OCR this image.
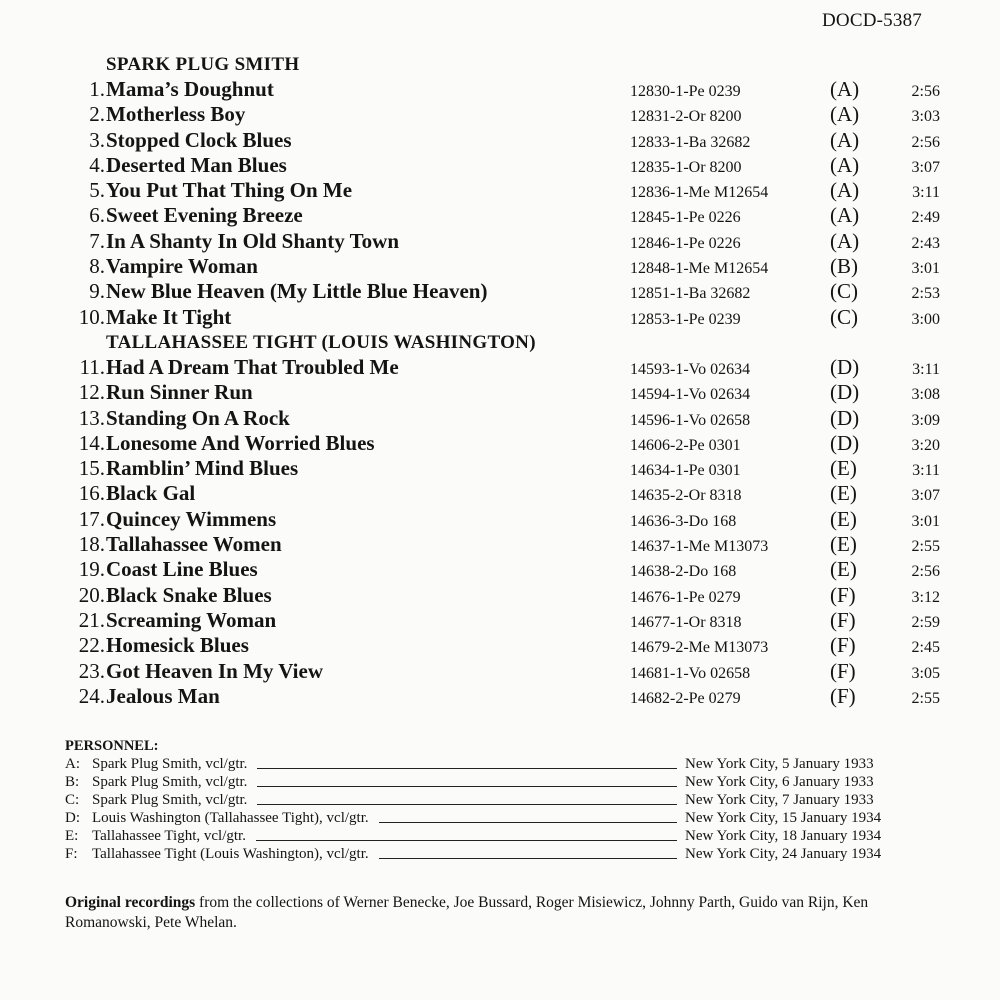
DOCD-5387
SPARK PLUG SMITH
1. Mama’s Doughnut	12830-1-Pe 0239	(A)	2:56
2. Motherless Boy	12831-2-Or 8200	(A)	3:03
3. Stopped Clock Blues	12833-1-Ba 32682	(A)	2:56
4. Deserted Man Blues	12835-1-Or 8200	(A)	3:07
5. You Put That Thing On Me	12836-1-Me M12654	(A)	3:11
6. Sweet Evening Breeze	12845-1-Pe 0226	(A)	2:49
7. In A Shanty In Old Shanty Town	12846-1-Pe 0226	(A)	2:43
8. Vampire Woman	12848-1-Me M12654	(B)	3:01
9. New Blue Heaven (My Little Blue Heaven)	12851-1-Ba 32682	(C)	2:53
10. Make It Tight	12853-1-Pe 0239	(C)	3:00
TALLAHASSEE TIGHT (LOUIS WASHINGTON)
11. Had A Dream That Troubled Me	14593-1-Vo 02634	(D)	3:11
12. Run Sinner Run	14594-1-Vo 02634	(D)	3:08
13. Standing On A Rock	14596-1-Vo 02658	(D)	3:09
14. Lonesome And Worried Blues	14606-2-Pe 0301	(D)	3:20
15. Ramblin’ Mind Blues	14634-1-Pe 0301	(E)	3:11
16. Black Gal	14635-2-Or 8318	(E)	3:07
17. Quincey Wimmens	14636-3-Do 168	(E)	3:01
18. Tallahassee Women	14637-1-Me M13073	(E)	2:55
19. Coast Line Blues	14638-2-Do 168	(E)	2:56
20. Black Snake Blues	14676-1-Pe 0279	(F)	3:12
21. Screaming Woman	14677-1-Or 8318	(F)	2:59
22. Homesick Blues	14679-2-Me M13073	(F)	2:45
23. Got Heaven In My View	14681-1-Vo 02658	(F)	3:05
24. Jealous Man	14682-2-Pe 0279	(F)	2:55
PERSONNEL:
A: Spark Plug Smith, vcl/gtr.	New York City, 5 January 1933
B: Spark Plug Smith, vcl/gtr.	New York City, 6 January 1933
C: Spark Plug Smith, vcl/gtr.	New York City, 7 January 1933
D: Louis Washington (Tallahassee Tight), vcl/gtr.	New York City, 15 January 1934
E: Tallahassee Tight, vcl/gtr.	New York City, 18 January 1934
F: Tallahassee Tight (Louis Washington), vcl/gtr.	New York City, 24 January 1934
Original recordings from the collections of Werner Benecke, Joe Bussard, Roger Misiewicz, Johnny Parth, Guido van Rijn, Ken Romanowski, Pete Whelan.
